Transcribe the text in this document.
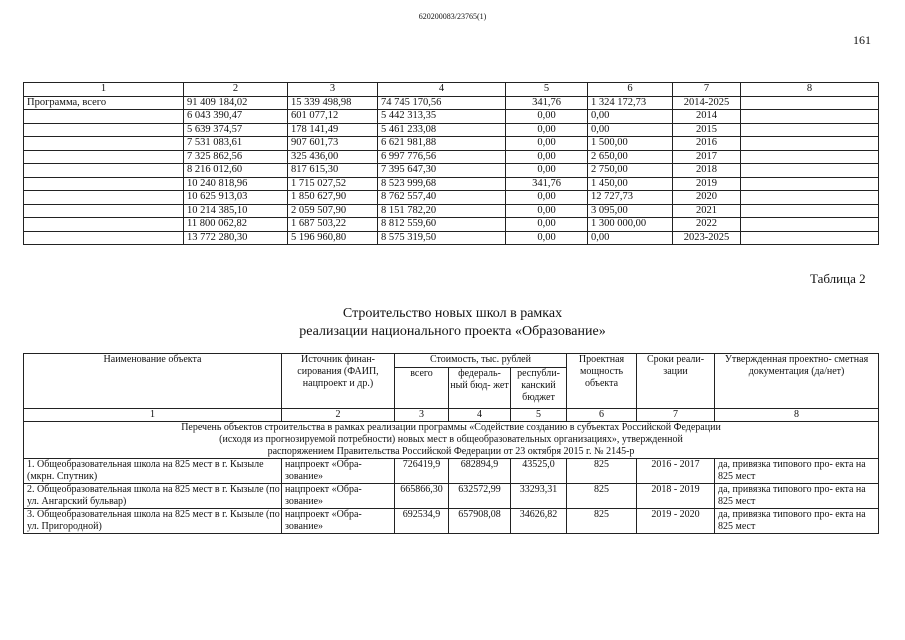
620200083/23765(1)
161
1	2	3	4	5	6	7	8
Программа, всего	91 409 184,02	15 339 498,98	74 745 170,56	341,76	1 324 172,73	2014-2025	
	6 043 390,47	601 077,12	5 442 313,35	0,00	0,00	2014	
	5 639 374,57	178 141,49	5 461 233,08	0,00	0,00	2015	
	7 531 083,61	907 601,73	6 621 981,88	0,00	1 500,00	2016	
	7 325 862,56	325 436,00	6 997 776,56	0,00	2 650,00	2017	
	8 216 012,60	817 615,30	7 395 647,30	0,00	2 750,00	2018	
	10 240 818,96	1 715 027,52	8 523 999,68	341,76	1 450,00	2019	
	10 625 913,03	1 850 627,90	8 762 557,40	0,00	12 727,73	2020	
	10 214 385,10	2 059 507,90	8 151 782,20	0,00	3 095,00	2021	
	11 800 062,82	1 687 503,22	8 812 559,60	0,00	1 300 000,00	2022	
	13 772 280,30	5 196 960,80	8 575 319,50	0,00	0,00	2023-2025	
Таблица 2
Строительство новых школ в рамках
реализации национального проекта «Образование»
Наименование объекта	Источник финан- сирования (ФАИП, нацпроект и др.)	Стоимость, тыс. рублей			Проектная мощность объекта	Сроки реали- зации	Утвержденная проектно- сметная документация (да/нет)
		всего	федераль- ный бюд- жет	республи- канский бюджет			
1	2	3	4	5	6	7	8

Перечень объектов строительства в рамках реализации программы «Содействие созданию в субъектах Российской Федерации
(исходя из прогнозируемой потребности) новых мест в общеобразовательных организациях», утвержденной
распоряжением Правительства Российской Федерации от 23 октября 2015 г. № 2145-р							

1. Общеобразовательная школа на 825 мест в г. Кызыле (мкрн. Спутник)	нацпроект «Обра- зование»	726419,9	682894,9	43525,0	825	2016 - 2017	да, привязка типового про- екта на 825 мест
2. Общеобразовательная школа на 825 мест в г. Кызыле (по ул. Ангарский бульвар)	нацпроект «Обра- зование»	665866,30	632572,99	33293,31	825	2018 - 2019	да, привязка типового про- екта на 825 мест
3. Общеобразовательная школа на 825 мест в г. Кызыле (по ул. Пригородной)	нацпроект «Обра- зование»	692534,9	657908,08	34626,82	825	2019 - 2020	да, привязка типового про- екта на 825 мест
